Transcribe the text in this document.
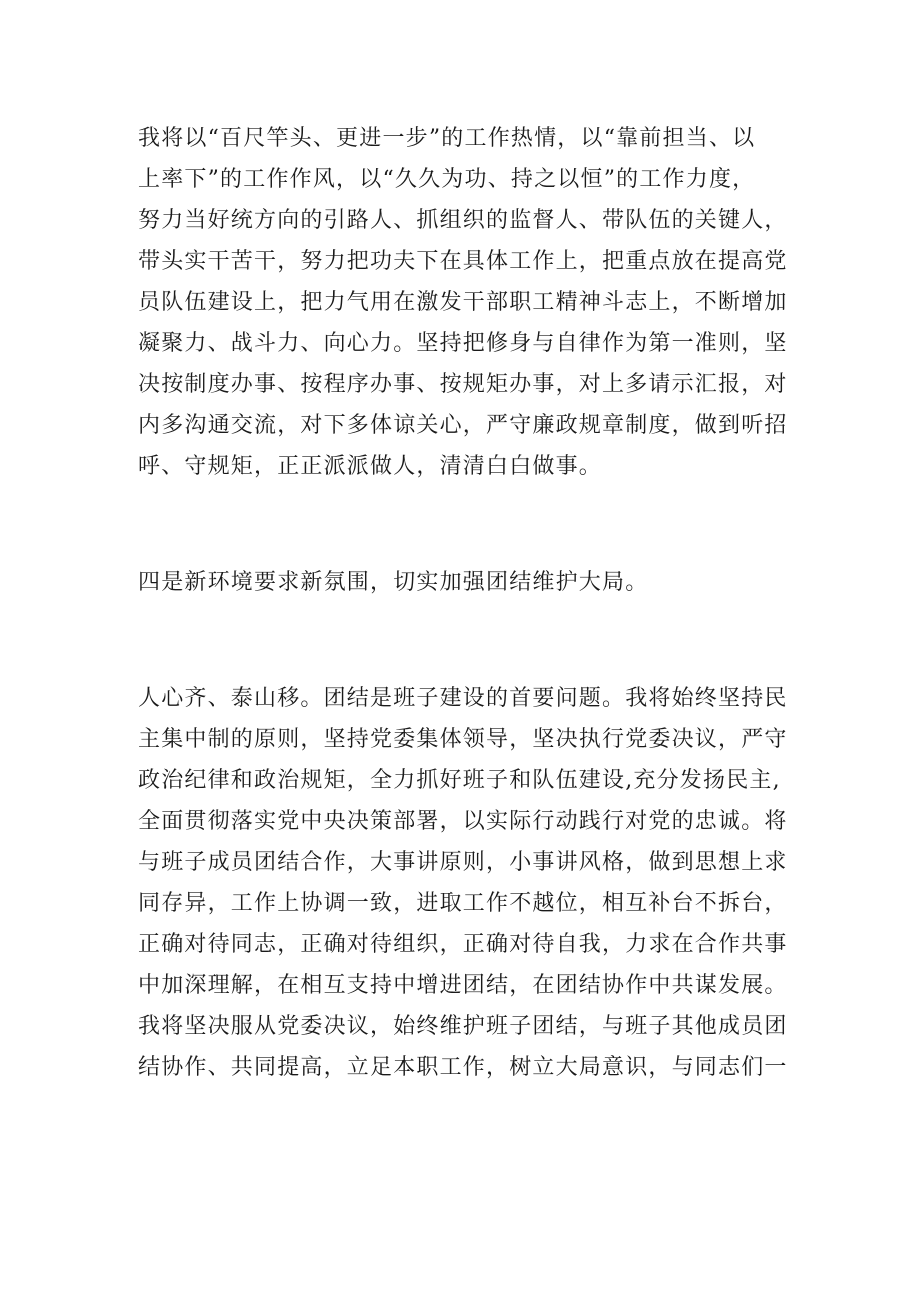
我将以“百尺竿头、更进一步”的工作热情，以“靠前担当、以
上率下”的工作作风，以“久久为功、持之以恒”的工作力度，
努力当好统方向的引路人、抓组织的监督人、带队伍的关键人，
带头实干苦干，努力把功夫下在具体工作上，把重点放在提高党
员队伍建设上，把力气用在激发干部职工精神斗志上，不断增加
凝聚力、战斗力、向心力。坚持把修身与自律作为第一准则，坚
决按制度办事、按程序办事、按规矩办事，对上多请示汇报，对
内多沟通交流，对下多体谅关心，严守廉政规章制度，做到听招
呼、守规矩，正正派派做人，清清白白做事。
四是新环境要求新氛围，切实加强团结维护大局。
人心齐、泰山移。团结是班子建设的首要问题。我将始终坚持民
主集中制的原则，坚持党委集体领导，坚决执行党委决议，严守
政治纪律和政治规矩，全力抓好班子和队伍建设,充分发扬民主,
全面贯彻落实党中央决策部署，以实际行动践行对党的忠诚。将
与班子成员团结合作，大事讲原则，小事讲风格，做到思想上求
同存异，工作上协调一致，进取工作不越位，相互补台不拆台，
正确对待同志，正确对待组织，正确对待自我，力求在合作共事
中加深理解，在相互支持中增进团结，在团结协作中共谋发展。
我将坚决服从党委决议，始终维护班子团结，与班子其他成员团
结协作、共同提高，立足本职工作，树立大局意识，与同志们一
